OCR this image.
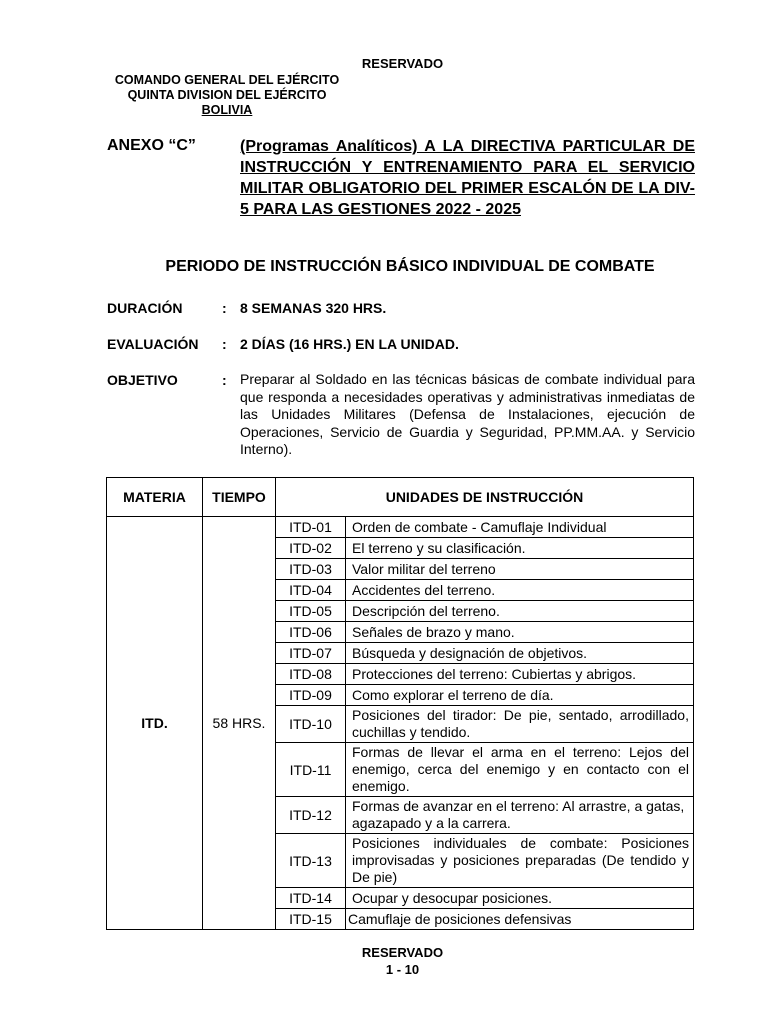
RESERVADO
COMANDO GENERAL DEL EJÉRCITO
QUINTA DIVISION DEL EJÉRCITO
BOLIVIA
ANEXO “C”	(Programas Analíticos) A LA DIRECTIVA PARTICULAR DE INSTRUCCIÓN Y ENTRENAMIENTO PARA EL SERVICIO MILITAR OBLIGATORIO DEL PRIMER ESCALÓN DE LA DIV-5 PARA LAS GESTIONES 2022 - 2025
PERIODO DE INSTRUCCIÓN BÁSICO INDIVIDUAL DE COMBATE
DURACIÓN	: 8 SEMANAS 320 HRS.
EVALUACIÓN : 2 DÍAS (16 HRS.) EN LA UNIDAD.
OBJETIVO	: Preparar al Soldado en las técnicas básicas de combate individual para que responda a necesidades operativas y administrativas inmediatas de las Unidades Militares (Defensa de Instalaciones, ejecución de Operaciones, Servicio de Guardia y Seguridad, PP.MM.AA. y Servicio Interno).
MATERIA	TIEMPO	UNIDADES DE INSTRUCCIÓN	
ITD.	58 HRS.	ITD-01	Orden de combate - Camuflaje Individual
		ITD-02	El terreno y su clasificación.
		ITD-03	Valor militar del terreno
		ITD-04	Accidentes del terreno.
		ITD-05	Descripción del terreno.
		ITD-06	Señales de brazo y mano.
		ITD-07	Búsqueda y designación de objetivos.
		ITD-08	Protecciones del terreno: Cubiertas y abrigos.
		ITD-09	Como explorar el terreno de día.
		ITD-10	Posiciones del tirador: De pie, sentado, arrodillado, cuchillas y tendido.
		ITD-11	Formas de llevar el arma en el terreno: Lejos del enemigo, cerca del enemigo y en contacto con el enemigo.
		ITD-12	Formas de avanzar en el terreno: Al arrastre, a gatas, agazapado y a la carrera.
		ITD-13	Posiciones individuales de combate: Posiciones improvisadas y posiciones preparadas (De tendido y De pie)
		ITD-14	Ocupar y desocupar posiciones.
		ITD-15	Camuflaje de posiciones defensivas
RESERVADO
1 - 10
